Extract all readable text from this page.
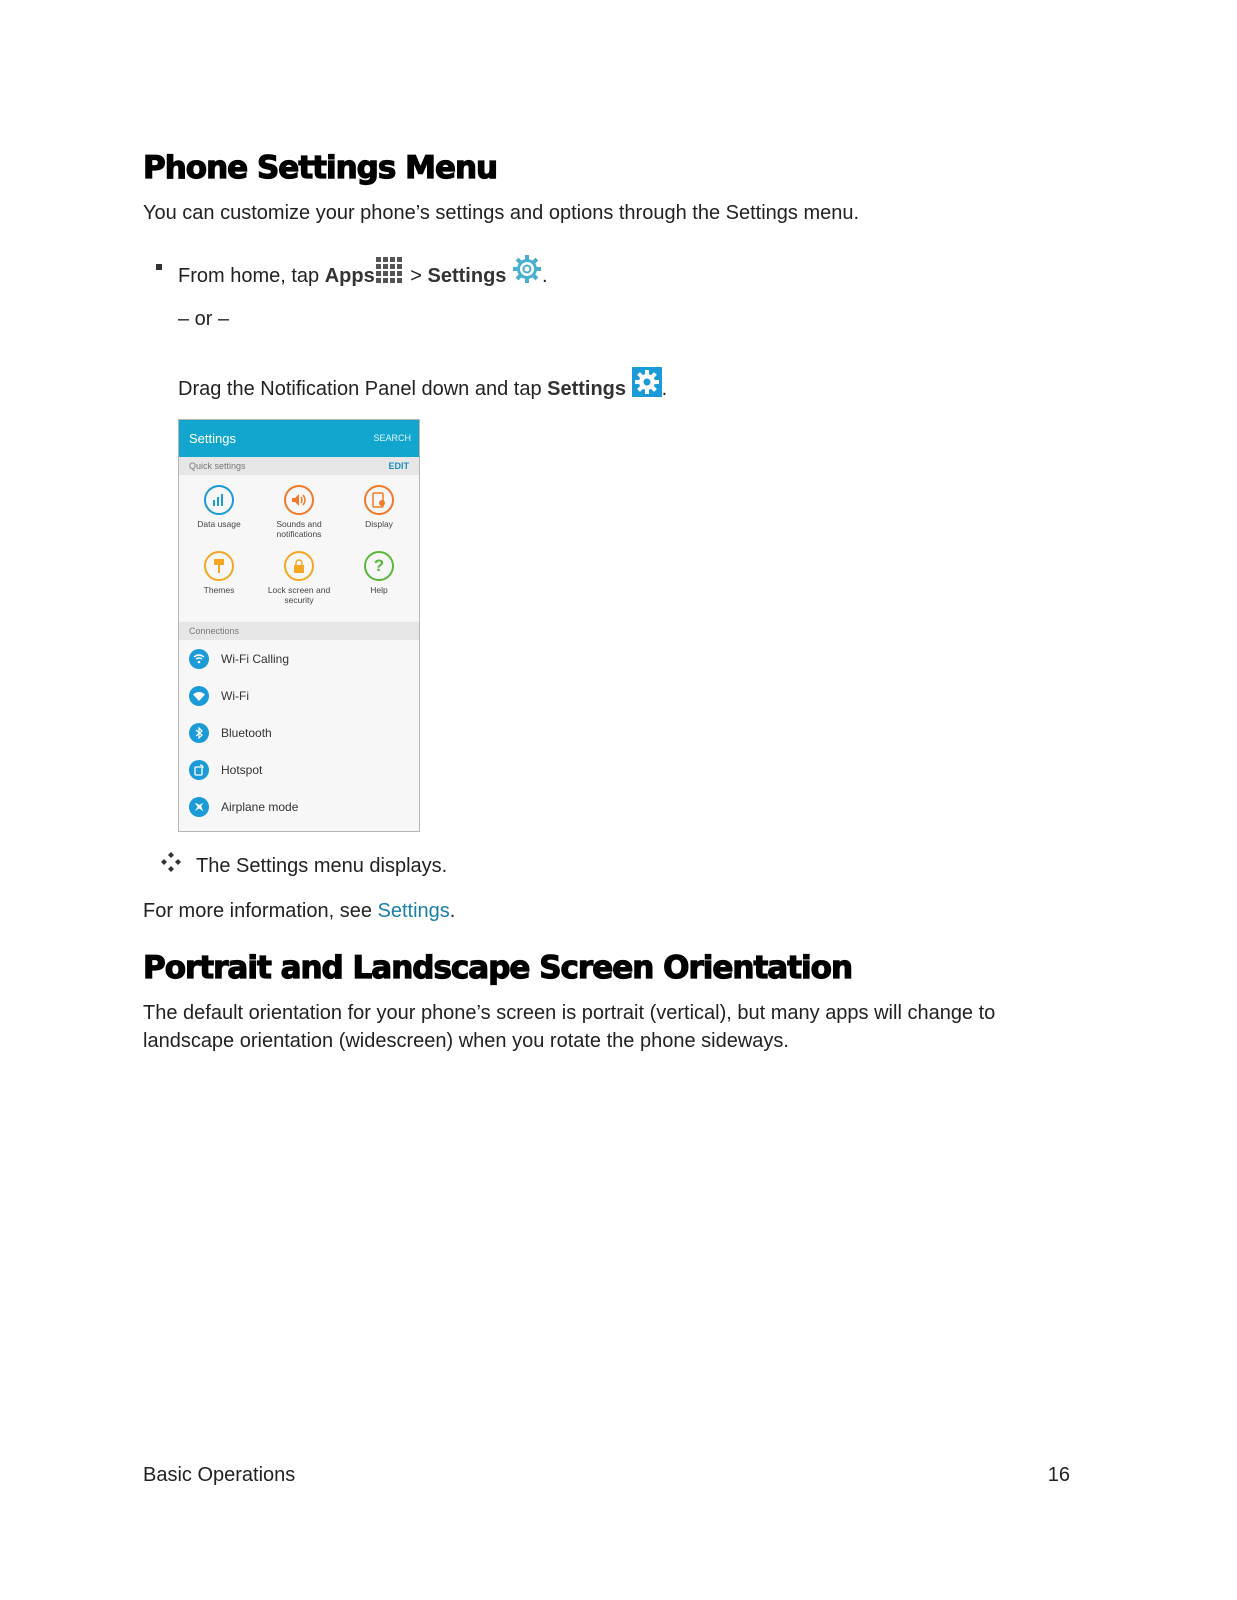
Phone Settings Menu
You can customize your phone’s settings and options through the Settings menu.
From home, tap Apps > Settings .
– or –
Drag the Notification Panel down and tap Settings .
Settings	SEARCH
Quick settings	EDIT
Data usage	Sounds and
notifications
Display
Themes	Lock screen and
security
?
Help
Connections
Wi-Fi Calling
Wi-Fi
Bluetooth
Hotspot
Airplane mode
The Settings menu displays.
For more information, see Settings.
Portrait and Landscape Screen Orientation
The default orientation for your phone’s screen is portrait (vertical), but many apps will change to
landscape orientation (widescreen) when you rotate the phone sideways.
Basic Operations	16
